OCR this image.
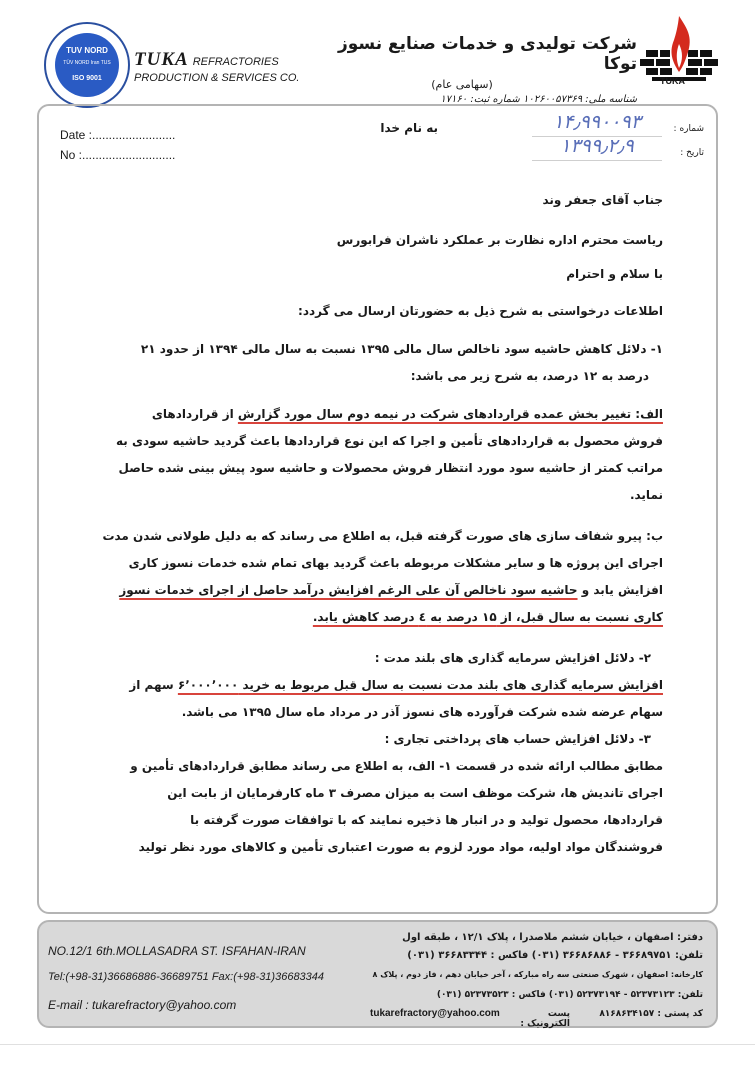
TUV NORD
TÜV NORD Iran TUS
ISO 9001
TUKA REFRACTORIES
PRODUCTION & SERVICES CO.
شرکت تولیدی و خدمات صنایع نسوز توکا
(سهامی عام)
شناسه ملی: ۱۰۲۶۰۰۵۷۳۶۹ شماره ثبت: ۱۷۱۶۰
TUKA
Date :.........................
No :............................
به نام خدا	شماره :
۱۴٫۹۹۰۰۹۳
تاریخ :
۱۳۹۹٫۲٫۹
جناب آقای جعفر وند
ریاست محترم اداره نظارت بر عملکرد ناشران فرابورس
با سلام و احترام
اطلاعات درخواستی به شرح ذیل به حضورتان ارسال می گردد:
۱- دلائل کاهش حاشیه سود ناخالص سال مالی ۱۳۹۵ نسبت به سال مالی ۱۳۹۴ از حدود ۲۱
درصد به ۱۲ درصد، به شرح زیر می باشد:
الف: تغییر بخش عمده قراردادهای شرکت در نیمه دوم سال مورد گزارش از قراردادهای
فروش محصول به قراردادهای تأمین و اجرا که این نوع قراردادها باعث گردید حاشیه سودی به
مراتب کمتر از حاشیه سود مورد انتظار فروش محصولات و حاشیه سود پیش بینی شده حاصل
نماید.
ب: پیرو شفاف سازی های صورت گرفته قبل، به اطلاع می رساند که به دلیل طولانی شدن مدت
اجرای این پروژه ها و سایر مشکلات مربوطه باعث گردید بهای تمام شده خدمات نسوز کاری
افزایش یابد و حاشیه سود ناخالص آن علی الرغم افزایش درآمد حاصل از اجرای خدمات نسوز
کاری نسبت به سال قبل، از ۱۵ درصد به ٤ درصد کاهش یابد.
۲- دلائل افزایش سرمایه گذاری های بلند مدت :
افزایش سرمایه گذاری های بلند مدت نسبت به سال قبل مربوط به خرید ۶٬۰۰۰٬۰۰۰ سهم از
سهام عرضه شده شرکت فرآورده های نسوز آذر در مرداد ماه سال ۱۳۹۵ می باشد.
۳- دلائل افزایش حساب های پرداختی تجاری :
مطابق مطالب ارائه شده در قسمت ۱- الف، به اطلاع می رساند مطابق قراردادهای تأمین و
اجرای تاندیش ها، شرکت موظف است به میزان مصرف ۳ ماه کارفرمایان از بابت این
قراردادها، محصول تولید و در انبار ها ذخیره نمایند که با توافقات صورت گرفته با
فروشندگان مواد اولیه، مواد مورد لزوم به صورت اعتباری تأمین و کالاهای مورد نظر تولید
NO.12/1 6th.MOLLASADRA ST. ISFAHAN-IRAN
Tel:(+98-31)36686886-36689751 Fax:(+98-31)36683344
E-mail : tukarefractory@yahoo.com
دفتر: اصفهان ، خیابان ششم ملاصدرا ، پلاک ۱۲/۱ ، طبقه اول
تلفن: ۳۶۶۸۹۷۵۱ - ۳۶۶۸۶۸۸۶ (۰۳۱) فاکس : ۳۶۶۸۳۳۴۴ (۰۳۱)
کارخانه: اصفهان ، شهرک صنعتی سه راه مبارکه ، آخر خیابان دهم ، فاز دوم ، پلاک ۸
تلفن: ۵۲۳۷۳۱۲۳ - ۵۲۳۷۳۱۹۴ (۰۳۱) فاکس : ۵۲۳۷۳۵۲۳ (۰۳۱)
کد پستی : ۸۱۶۸۶۳۴۱۵۷
پست الکترونیک :
tukarefractory@yahoo.com
